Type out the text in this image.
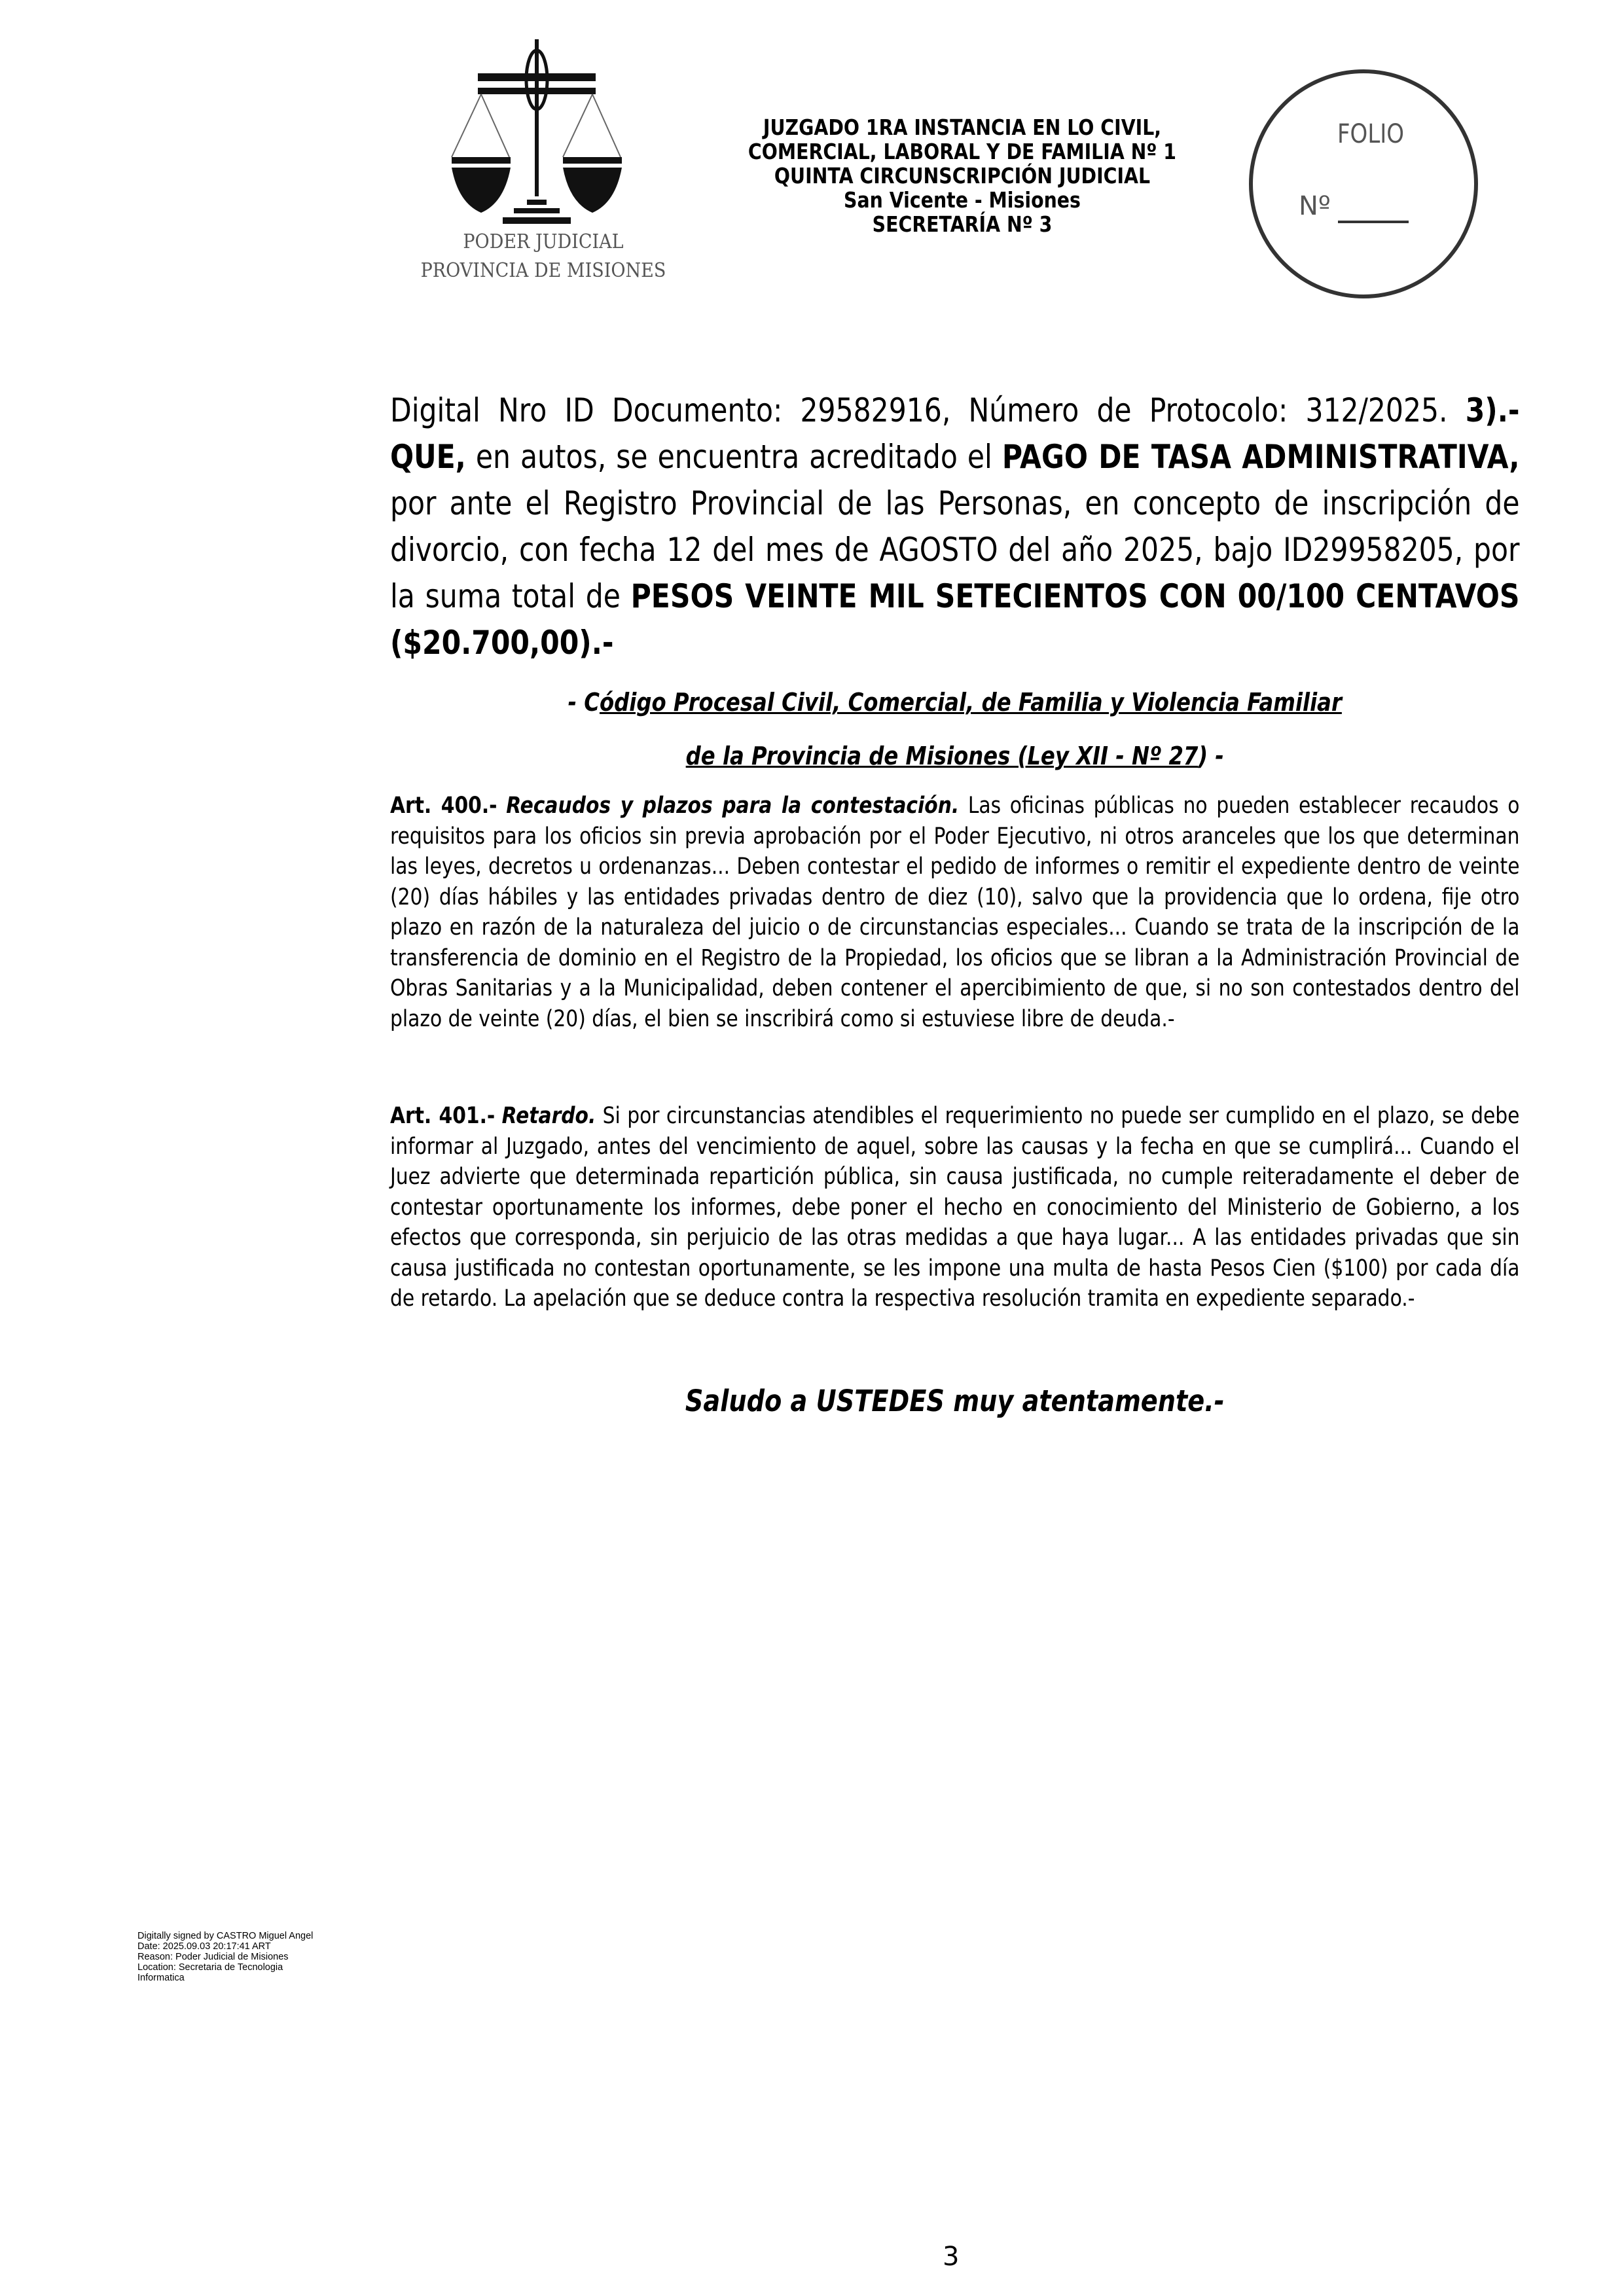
PODER JUDICIAL
PROVINCIA DE MISIONES
JUZGADO 1RA INSTANCIA EN LO CIVIL,
COMERCIAL, LABORAL Y DE FAMILIA Nº 1
QUINTA CIRCUNSCRIPCIÓN JUDICIAL
San Vicente - Misiones
SECRETARÍA Nº 3
FOLIO
Nº
Digital Nro ID Documento: 29582916, Número de Protocolo: 312/2025. 3).- QUE, en autos, se encuentra acreditado el PAGO DE TASA ADMINISTRATIVA, por ante el Registro Provincial de las Personas, en concepto de inscripción de divorcio, con fecha 12 del mes de AGOSTO del año 2025, bajo ID29958205, por la suma total de PESOS VEINTE MIL SETECIENTOS CON 00/100 CENTAVOS ($20.700,00).-
- Código Procesal Civil, Comercial, de Familia y Violencia Familiar
de la Provincia de Misiones (Ley XII - Nº 27) -
Art. 400.- Recaudos y plazos para la contestación. Las oficinas públicas no pueden establecer recaudos o requisitos para los oficios sin previa aprobación por el Poder Ejecutivo, ni otros aranceles que los que determinan las leyes, decretos u ordenanzas... Deben contestar el pedido de informes o remitir el expediente dentro de veinte (20) días hábiles y las entidades privadas dentro de diez (10), salvo que la providencia que lo ordena, fije otro plazo en razón de la naturaleza del juicio o de circunstancias especiales... Cuando se trata de la inscripción de la transferencia de dominio en el Registro de la Propiedad, los oficios que se libran a la Administración Provincial de Obras Sanitarias y a la Municipalidad, deben contener el apercibimiento de que, si no son contestados dentro del plazo de veinte (20) días, el bien se inscribirá como si estuviese libre de deuda.-
Art. 401.- Retardo. Si por circunstancias atendibles el requerimiento no puede ser cumplido en el plazo, se debe informar al Juzgado, antes del vencimiento de aquel, sobre las causas y la fecha en que se cumplirá... Cuando el Juez advierte que determinada repartición pública, sin causa justificada, no cumple reiteradamente el deber de contestar oportunamente los informes, debe poner el hecho en conocimiento del Ministerio de Gobierno, a los efectos que corresponda, sin perjuicio de las otras medidas a que haya lugar... A las entidades privadas que sin causa justificada no contestan oportunamente, se les impone una multa de hasta Pesos Cien ($100) por cada día de retardo. La apelación que se deduce contra la respectiva resolución tramita en expediente separado.-
Saludo a USTEDES muy atentamente.-
Digitally signed by CASTRO Miguel Angel
Date: 2025.09.03 20:17:41 ART
Reason: Poder Judicial de Misiones
Location: Secretaria de Tecnologia
Informatica
3
